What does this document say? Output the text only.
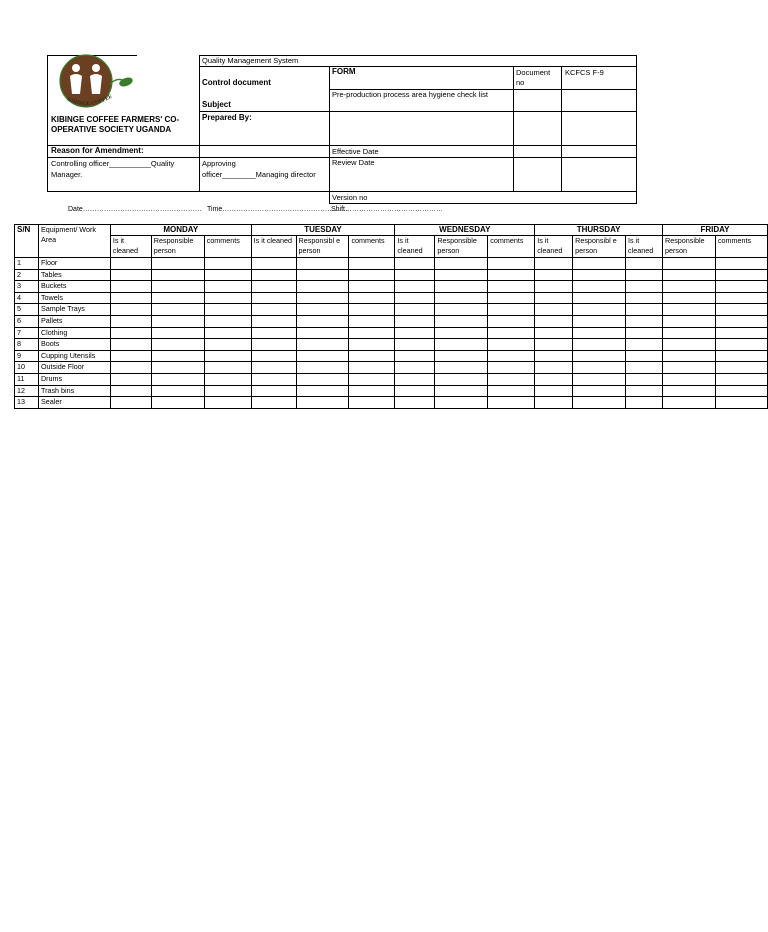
KIBINGE COFFEE
KIBINGE COFFEE FARMERS' CO-OPERATIVE SOCIETY UGANDA
Quality Management System
Control document
FORM	Document no
KCFCS F-9
Subject
Pre-production process area hygiene check list
Prepared By:
Reason for Amendment:	Effective Date
Controlling officer__________Quality Manager.
Approving officer________Managing director
Review Date
Version no
Date…………………………………………… Time………………………………………………
Shift……………………………………
S/N	Equipment/ Work Area	MONDAY			TUESDAY			WEDNESDAY			THURSDAY			FRIDAY	
		Is it cleaned	Responsible person	comments	Is it cleaned	Responsibl e person	comments	Is it cleaned	Responsible person	comments	Is it cleaned	Responsibl e person	Is it cleaned	Responsible person	comments
1	Floor														
2	Tables														
3	Buckets														
4	Towels														
5	Sample Trays														
6	Pallets														
7	Clothing														
8	Boots														
9	Cupping Utensils														
10	Outside Floor														
11	Drums														
12	Trash bins														
13	Sealer														
